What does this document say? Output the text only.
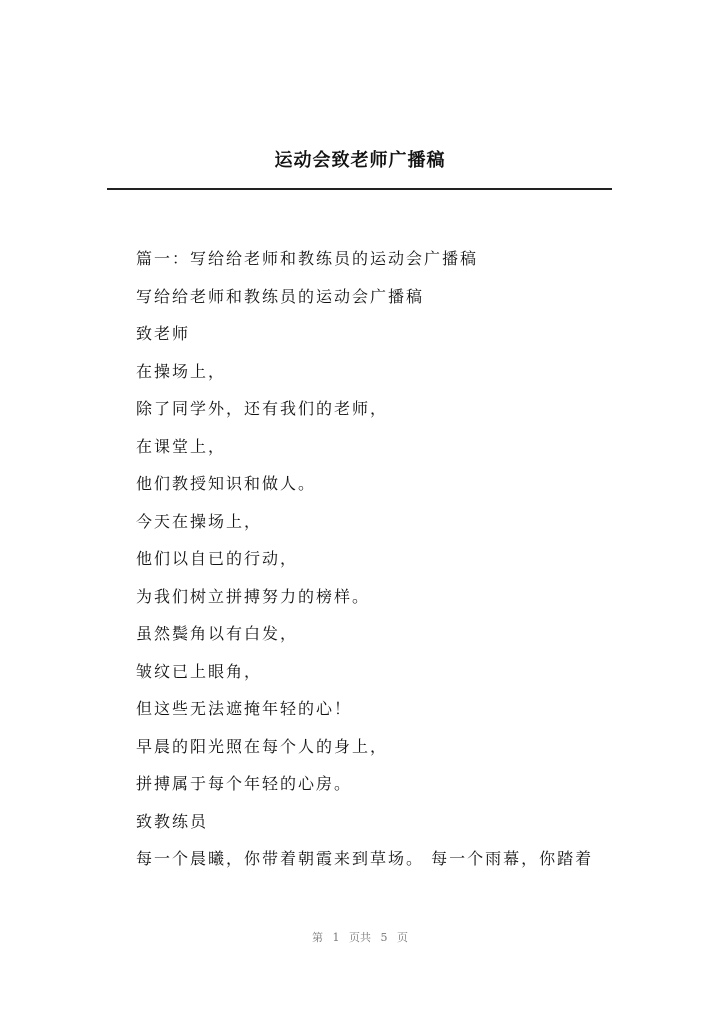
运动会致老师广播稿
篇一：写给给老师和教练员的运动会广播稿
写给给老师和教练员的运动会广播稿
致老师
在操场上，
除了同学外，还有我们的老师，
在课堂上，
他们教授知识和做人。
今天在操场上，
他们以自已的行动，
为我们树立拼搏努力的榜样。
虽然鬓角以有白发，
皱纹已上眼角，
但这些无法遮掩年轻的心！
早晨的阳光照在每个人的身上，
拼搏属于每个年轻的心房。
致教练员
每一个晨曦，你带着朝霞来到草场。 每一个雨幕，你踏着
第 1 页共 5 页
